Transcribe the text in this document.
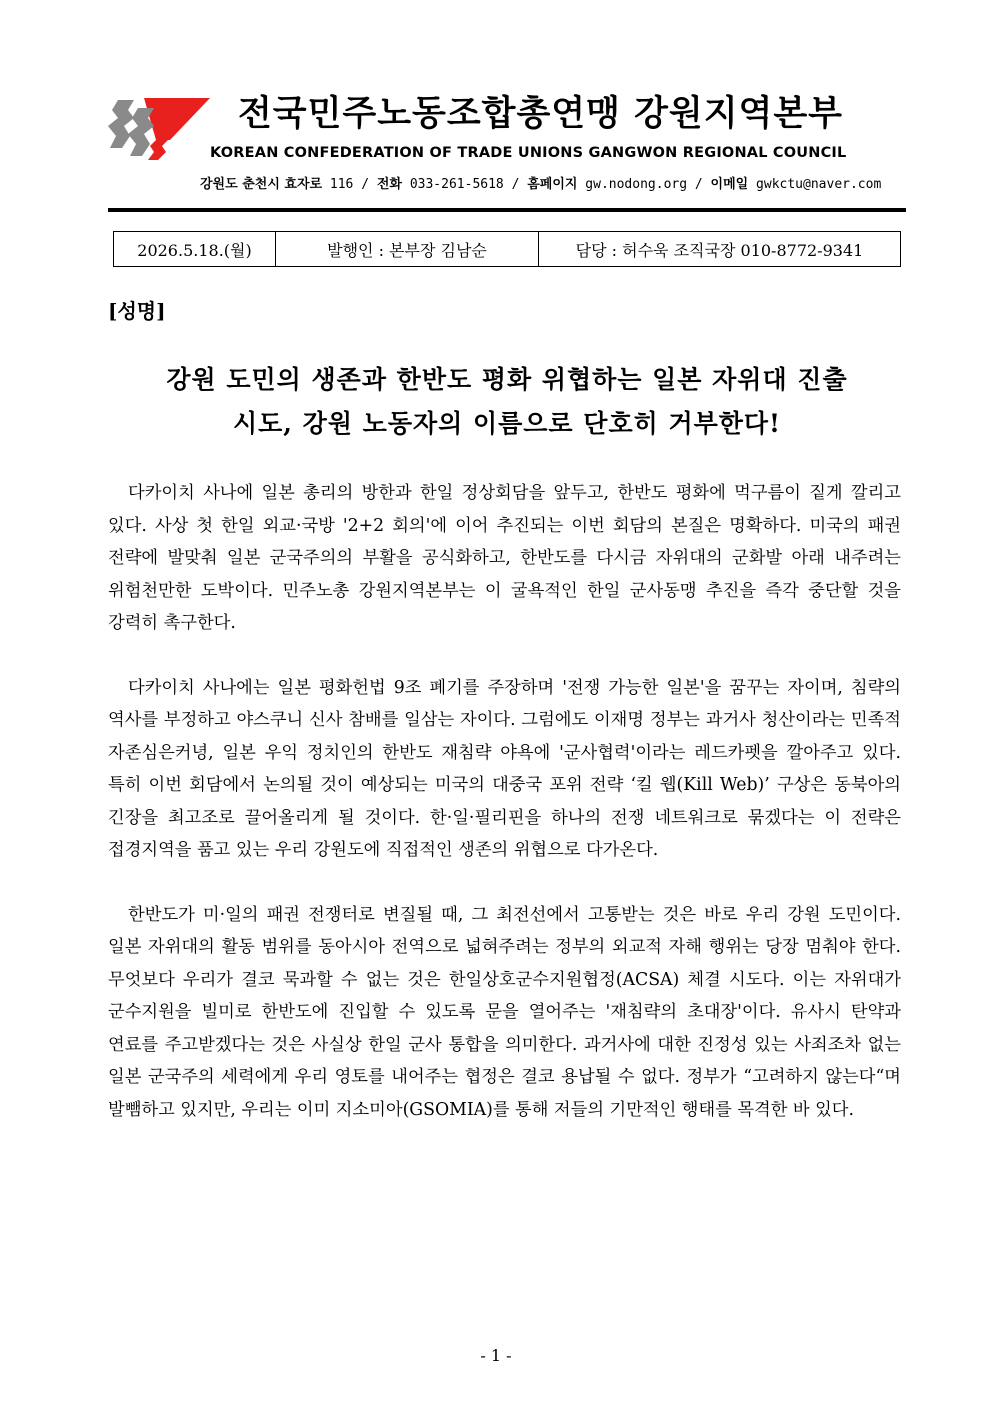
전국민주노동조합총연맹 강원지역본부
KOREAN CONFEDERATION OF TRADE UNIONS GANGWON REGIONAL COUNCIL
강원도 춘천시 효자로 116 / 전화 033-261-5618 / 홈페이지 gw.nodong.org / 이메일 gwkctu@naver.com
2026.5.18.(월)	발행인 : 본부장 김남순	담당 : 허수욱 조직국장 010-8772-9341
[성명]
강원 도민의 생존과 한반도 평화 위협하는 일본 자위대 진출
시도, 강원 노동자의 이름으로 단호히 거부한다!

다카이치 사나에 일본 총리의 방한과 한일 정상회담을 앞두고, 한반도 평화에 먹구름이 짙게 깔리고 있다. 사상 첫 한일 외교·국방 '2+2 회의'에 이어 추진되는 이번 회담의 본질은 명확하다. 미국의 패권 전략에 발맞춰 일본 군국주의의 부활을 공식화하고, 한반도를 다시금 자위대의 군화발 아래 내주려는 위험천만한 도박이다. 민주노총 강원지역본부는 이 굴욕적인 한일 군사동맹 추진을 즉각 중단할 것을 강력히 촉구한다.

다카이치 사나에는 일본 평화헌법 9조 폐기를 주장하며 '전쟁 가능한 일본'을 꿈꾸는 자이며, 침략의 역사를 부정하고 야스쿠니 신사 참배를 일삼는 자이다. 그럼에도 이재명 정부는 과거사 청산이라는 민족적 자존심은커녕, 일본 우익 정치인의 한반도 재침략 야욕에 '군사협력'이라는 레드카펫을 깔아주고 있다. 특히 이번 회담에서 논의될 것이 예상되는 미국의 대중국 포위 전략 ‘킬 웹(Kill Web)’ 구상은 동북아의 긴장을 최고조로 끌어올리게 될 것이다. 한·일·필리핀을 하나의 전쟁 네트워크로 묶겠다는 이 전략은 접경지역을 품고 있는 우리 강원도에 직접적인 생존의 위협으로 다가온다.

한반도가 미·일의 패권 전쟁터로 변질될 때, 그 최전선에서 고통받는 것은 바로 우리 강원 도민이다. 일본 자위대의 활동 범위를 동아시아 전역으로 넓혀주려는 정부의 외교적 자해 행위는 당장 멈춰야 한다. 무엇보다 우리가 결코 묵과할 수 없는 것은 한일상호군수지원협정(ACSA) 체결 시도다. 이는 자위대가 군수지원을 빌미로 한반도에 진입할 수 있도록 문을 열어주는 '재침략의 초대장'이다. 유사시 탄약과 연료를 주고받겠다는 것은 사실상 한일 군사 통합을 의미한다. 과거사에 대한 진정성 있는 사죄조차 없는 일본 군국주의 세력에게 우리 영토를 내어주는 협정은 결코 용납될 수 없다. 정부가 “고려하지 않는다“며 발뺌하고 있지만, 우리는 이미 지소미아(GSOMIA)를 통해 저들의 기만적인 행태를 목격한 바 있다.

- 1 -
